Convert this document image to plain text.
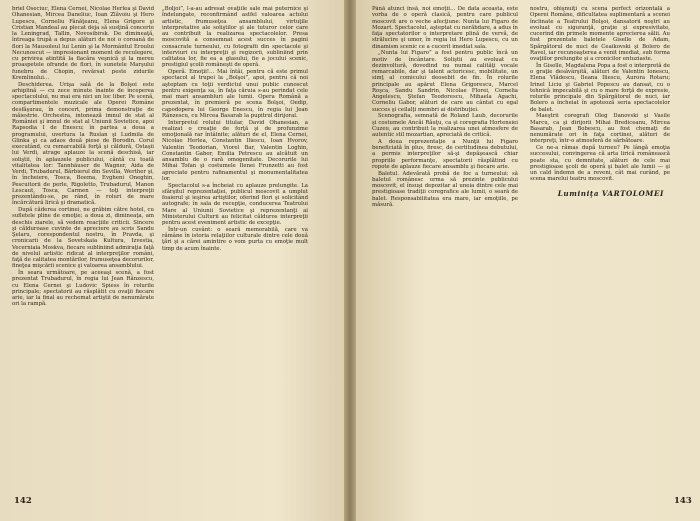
briel Oseciuc, Elena Cernei, Nicolae Herlea şi David Ohanesian, Mircea Daneliuc, Ioan Zlăvoiu şi Hero Lupescu, Corneliu Fânăţeanu, Elena Grigore şi Cristian Mandeal au plecat deja să susţină concerte la Leningrad, Tallin, Novosibirsk. De dimineaţă, întreaga trupă a depus alături de noi o coroană de flori la Mausoleul lui Lenin şi la Mormântul Eroului Necunoscut — impresionant moment de reculegere, cu privirea atintită la flacăra veşnică şi la mereu proaspetele ofrande de flori, în sunetele Marşului funebru de Chopin, revărsat peste zidurile Kremlinului…

Deschiderea. Urişa sală de la Bolşoi este arhiplină — cu zece minute înainte de începerea spectacolului, nu mai era nici un loc liber. Pe scenă, compartimentele muzicale ale Operei Române desfăşurau, în concert, prima demonstraţie de măiestrie. Orchestra, intonează imnul de stat al României şi imnul de stat al Uniunii Sovietice, apoi Rapsodia I de Enescu; în partea a doua a programului, uvertura la Ruslan şi Ludmila de Glinka şi ca adaos două piese de Borodin. Corul executând, cu remarcabilă forţă şi căldură, Ostaşii lui Verdi, atrage aplauze la scenă deschisă, iar soliştii, în aplauzele publicului, cântă cu toată vitalitatea lor: Tannhäuser de Wagner, Aida de Verdi, Trubadurul, Bărbierul din Sevilla, Werther şi, în încheiere, Tosca, Boema, Evgheni Oneghin, Pescuitorii de perle, Rigoletto, Trubadurul, Manon Lescaut, Tosca, Carmen — toţi interpreţii prezentându-se, pe rând, în roluri de mare încărcătură lirică şi dramatică.

După căderea cortinei, ne grăbim către hotel, cu sufletele pline de emoţie; a doua zi, dimineaţa, am deschis ziarele, să vedem reacţiile criticii. Sincere şi călduroase cuvinte de apreciere au scris Sandu Şelaru, corespondentul nostru, în Pravda, şi cronicarii de la Sovetskaia Kultura, Izvestia, Vecerniaia Moskva, fiecare subliniind admiraţia faţă de nivelul artistic ridicat al interpreţilor români, faţă de calitatea montărilor, frumuseţea decorurilor, fineţea mişcării scenice şi valoarea ansamblului.

În seara următoare, pe aceeaşi scenă, a fost prezentat Trubadurul, în regia lui Jean Rânzescu, cu Elena Cernei şi Ludovic Spiess în rolurile principale; spectatorii au răsplătit cu ovaţii fiecare arie, iar la final au rechemat artiştii de nenumărate ori la rampă.

„Boljoi”, l-a-au adresat ovaţiile sale mai puternice şi îndelungate, reconfirmând astfel valoarea actului artistic, frumuseţea ansamblului, virtuţile interpretative ale soliştilor şi ale tuturor celor care au contribuit la realizarea spectacolelor. Presa moscovită a consemnat acest succes în pagini consacrate turneului, cu fotografii din spectacole şi interviuri cu interpreţii şi regizorii, subliniind prin calitatea lor, fie ea a glasului, fie a jocului scenic, prestigiul şcolii româneşti de operă.

Operă. Emoţii!… Mai întâi, pentru că este primul spectacol al trupei la „Bolşoi”, apoi, pentru că noi aşteptam cu toţii verdictul unui public cunoscut pentru exigenţa sa, în faţa căruia s-au perindat cele mai mari ansambluri ale lumii. Opera Română a prezentat, în premieră pe scena Bolşoi, Oedip, capodopera lui George Enescu, în regia lui Jean Rânzescu, cu Mircea Basarab la pupitrul dirijoral.

Interpretul rolului titular, David Ohanesian, a realizat o creaţie de forţă şi de profunzime emoţională rar întâlnite; alături de el, Elena Cernei, Nicolae Herlea, Constantin Iliescu, Ioan Hvorov, Valentin Teodorian, Viorel Bar, Valentin Loghin, Constantin Gabor, Emilia Petrescu au alcătuit un ansamblu de o rară omogenitate. Decorurile lui Mihai Tofan şi costumele Ilenei Frunzetti au fost apreciate pentru rafinamentul şi monumentalitatea lor.

Spectacolul s-a încheiat cu aplauze prelungite. La sfârşitul reprezentaţiei, publicul moscovit a umplut foaierul şi ieşirea artiştilor, oferind flori şi solicitând autografe; în sala de recepţie, conducerea Teatrului Mare al Uniunii Sovietice şi reprezentanţi ai Ministerului Culturii au felicitat călduros interpreţii pentru acest eveniment artistic de excepţie.

Într-un cuvânt: o seară memorabilă, care va rămâne în istoria relaţiilor culturale dintre cele două ţări şi a cărei amintire o vom purta cu emoţie mult timp de acum înainte.

142

Până atunci însă, noi emoţii… De data aceasta, este vorba de o operă clasică, pentru care publicul moscovit are o veche afecţiune: Nunta lui Figaro de Mozart. Spectacolul, aşteptat cu nerăbdare, a adus în faţa spectatorilor o interpretare plină de vervă, de strălucire şi umor, în regia lui Hero Lupescu, cu un dinamism scenic ce a cucerit imediat sala.

„Nunta lui Figaro” a fost pentru public încă un motiv de încântare. Soliştii au evoluat cu dezinvoltură, dovedind nu numai calităţi vocale remarcabile, dar şi talent actoricesc, mobilitate, un simţ al comicului deosebit de fin. În rolurile principale au apărut Elena Grigorescu, Marcel Roşca, Sandu Sandrin, Nicolae Florei, Cornelia Angelescu, Ştefan Teodorescu, Mihaela Agachi, Corneliu Gabor, alături de care au cântat cu egal succes şi ceilalţi membri ai distribuţiei.

Scenografia, semnată de Roland Laub, decorurile şi costumele Ancăi Răuţu, ca şi coregrafia Hortensiei Cuzeu, au contribuit la realizarea unei atmosfere de autentic stil mozartian, apreciată de critică.

A doua reprezentaţie a Nunţii lui Figaro beneficiată în plus, firesc, de certitudinea debutului, a permis interpreţilor să-şi depăşească chiar propriile performanţe, spectatorii răsplătind cu ropote de aplauze fiecare ansamblu şi fiecare arie.

Baletul. Adevărată probă de foc a turneului: să baletul românesc urma să prezinte publicului moscovit, el însuşi depozitar al uneia dintre cele mai prestigioase tradiţii coregrafice ale lumii, o seară de balet. Responsabilitatea era mare, iar emoţiile, pe măsură.

nostru, obişnuiţi cu scena perfect orizontală a Operei Române, dificultatea suplimentară a scenei înclinate a Teatrului Bolşoi, dansatorii noştri au evoluat cu siguranţă, graţie şi expresivitate, cucerind din primele momente aprecierea sălii. Au fost prezentate baletele Giselle de Adam, Spărgătorul de nuci de Ceaikovski şi Bolero de Ravel, iar recunoaşterea a venit imediat, sub forma ovaţiilor prelungite şi a cronicilor entuziaste.

În Giselle, Magdalena Popa a fost o interpretă de o graţie desăvârşită, alături de Valentin Ionescu, Elena Vlădescu, Ileana Iliescu, Aurora Rotaru; Irinel Liciu şi Gabriel Popescu au dansat, cu o tehnică impecabilă şi cu o mare forţă de expresie, rolurile principale din Spărgătorul de nuci, iar Bolero a încheiat în apoteoză seria spectacolelor de balet.

Maeştrii coregrafi Oleg Danovski şi Vasile Marcu, ca şi dirijorii Mihai Brediceanu, Mircea Basarab, Jean Bobescu, au fost chemaţi de nenumărate ori în faţa cortinei, alături de interpreţi, într-o atmosferă de sărbătoare.

Ce ne-a rămas după turneu? Pe lângă emoţia succesului, convingerea că arta lirică românească poate sta, cu demnitate, alături de cele mai prestigioase şcoli de operă şi balet ale lumii — şi un cald îndemn de a reveni, cât mai curând, pe scena marelui teatru moscovit.

Luminiţa VARTOLOMEI
143
